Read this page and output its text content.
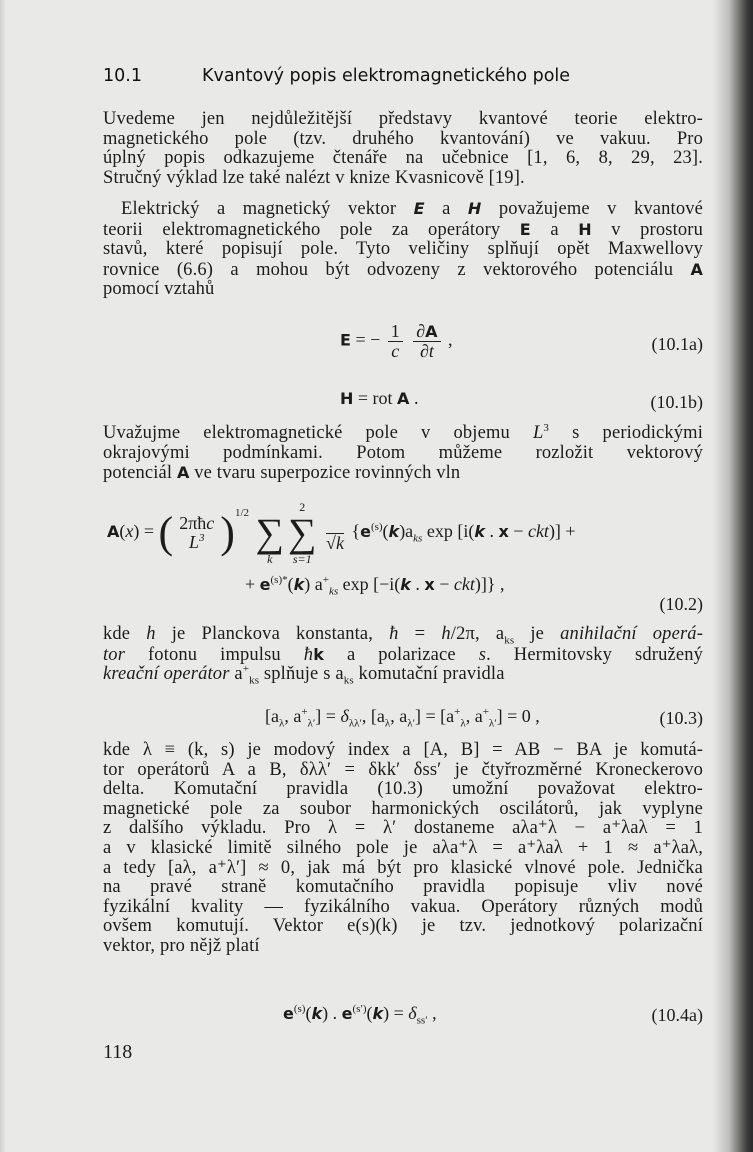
10.1	Kvantový popis elektromagnetického pole
Uvedeme jen nejdůležitější představy kvantové teorie elektro-
magnetického pole (tzv. druhého kvantování) ve vakuu. Pro
úplný popis odkazujeme čtenáře na učebnice [1, 6, 8, 29, 23].
Stručný výklad lze také nalézt v knize Kvasnicově [19].
Elektrický a magnetický vektor E a H považujeme v kvantové
teorii elektromagnetického pole za operátory E a H v prostoru
stavů, které popisují pole. Tyto veličiny splňují opět Maxwellovy
rovnice (6.6) a mohou být odvozeny z vektorového potenciálu A
pomocí vztahů
E = − $\frac{1}{c}$
$\frac{\partial A}{\partial t}$ ,	(10.1a)
H = rot A .	(10.1b)
Uvažujme elektromagnetické pole v objemu $L^3$ s periodickými
okrajovými podmínkami. Potom můžeme rozložit vektorový
potenciál A ve tvaru superpozice rovinných vln
A(x) = ( 2πħc
$L^3$ )$^{1/2}$ ∑
k
2
∑
s=1

√k
{$e^{(s)}(k)a_{ks}$ exp [i(k . x − ckt)] +
+ $e^{(s)*}(k)$ $a^+_{ks}$ exp [−i(k . x − ckt)]} ,
(10.2)
kde h je Planckova konstanta, ħ = h/2π, $a_{ks}$ je anihilační operá-
tor fotonu impulsu ħk a polarizace s. Hermitovsky sdružený
kreační operátor $a^+_{ks}$ splňuje s $a_{ks}$ komutační pravidla
[$a_\lambda$, $a^+_{\lambda'}] = \delta_{\lambda\lambda'}$, [$a_\lambda$, $a_{\lambda'}] = [a^+_\lambda$, $a^+_{\lambda'}] = 0$ ,	(10.3)
kde λ ≡ (k, s) je modový index a [A, B] = AB − BA je komutá-
tor operátorů A a B, δλλ′ = δkk′ δss′ je čtyřrozměrné Kroneckerovo
delta. Komutační pravidla (10.3) umožní považovat elektro-
magnetické pole za soubor harmonických oscilátorů, jak vyplyne
z dalšího výkladu. Pro λ = λ′ dostaneme aλa⁺λ − a⁺λaλ = 1
a v klasické limitě silného pole je aλa⁺λ = a⁺λaλ + 1 ≈ a⁺λaλ,
a tedy [aλ, a⁺λ′] ≈ 0, jak má být pro klasické vlnové pole. Jednička
na pravé straně komutačního pravidla popisuje vliv nové
fyzikální kvality — fyzikálního vakua. Operátory různých modů
ovšem komutují. Vektor e(s)(k) je tzv. jednotkový polarizační
vektor, pro nějž platí
$e^{(s)}(k)$ . $e^{(s')}(k) = \delta_{ss'}$ ,	(10.4a)
118
